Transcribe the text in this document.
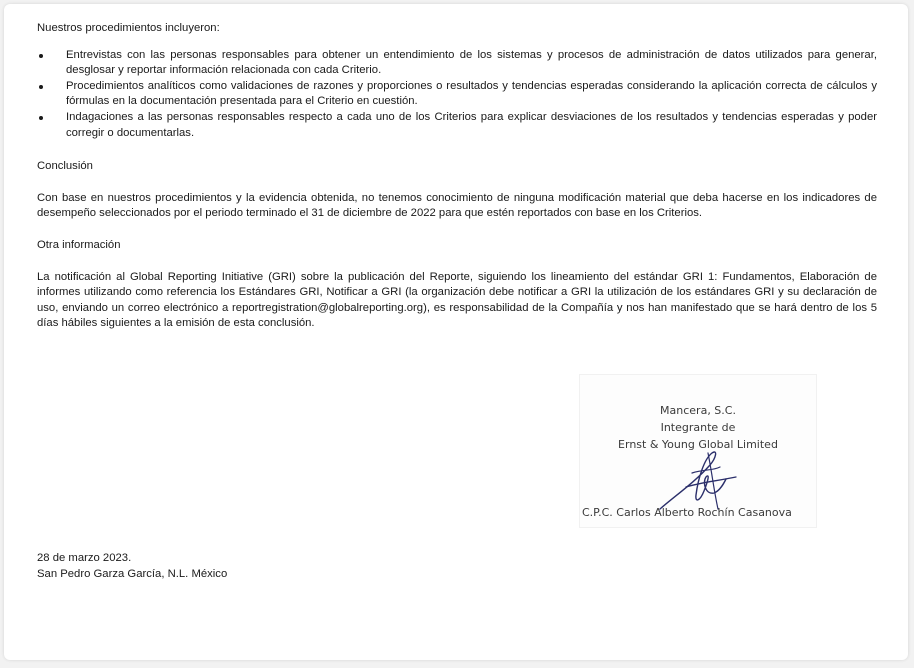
Nuestros procedimientos incluyeron:

Entrevistas con las personas responsables para obtener un entendimiento de los sistemas y procesos de administración de datos utilizados para generar, desglosar y reportar información relacionada con cada Criterio.
Procedimientos analíticos como validaciones de razones y proporciones o resultados y tendencias esperadas considerando la aplicación correcta de cálculos y fórmulas en la documentación presentada para el Criterio en cuestión.
Indagaciones a las personas responsables respecto a cada uno de los Criterios para explicar desviaciones de los resultados y tendencias esperadas y poder corregir o documentarlas.

Conclusión

Con base en nuestros procedimientos y la evidencia obtenida, no tenemos conocimiento de ninguna modificación material que deba hacerse en los indicadores de desempeño seleccionados por el periodo terminado el 31 de diciembre de 2022 para que estén reportados con base en los Criterios.

Otra información

La notificación al Global Reporting Initiative (GRI) sobre la publicación del Reporte, siguiendo los lineamiento del estándar GRI 1: Fundamentos, Elaboración de informes utilizando como referencia los Estándares GRI, Notificar a GRI (la organización debe notificar a GRI la utilización de los estándares GRI y su declaración de uso, enviando un correo electrónico a reportregistration@globalreporting.org), es responsabilidad de la Compañía y nos han manifestado que se hará dentro de los 5 días hábiles siguientes a la emisión de esta conclusión.

Mancera, S.C.
Integrante de
Ernst & Young Global Limited
C.P.C. Carlos Alberto Rochín Casanova
28 de marzo 2023.
San Pedro Garza García, N.L. México
